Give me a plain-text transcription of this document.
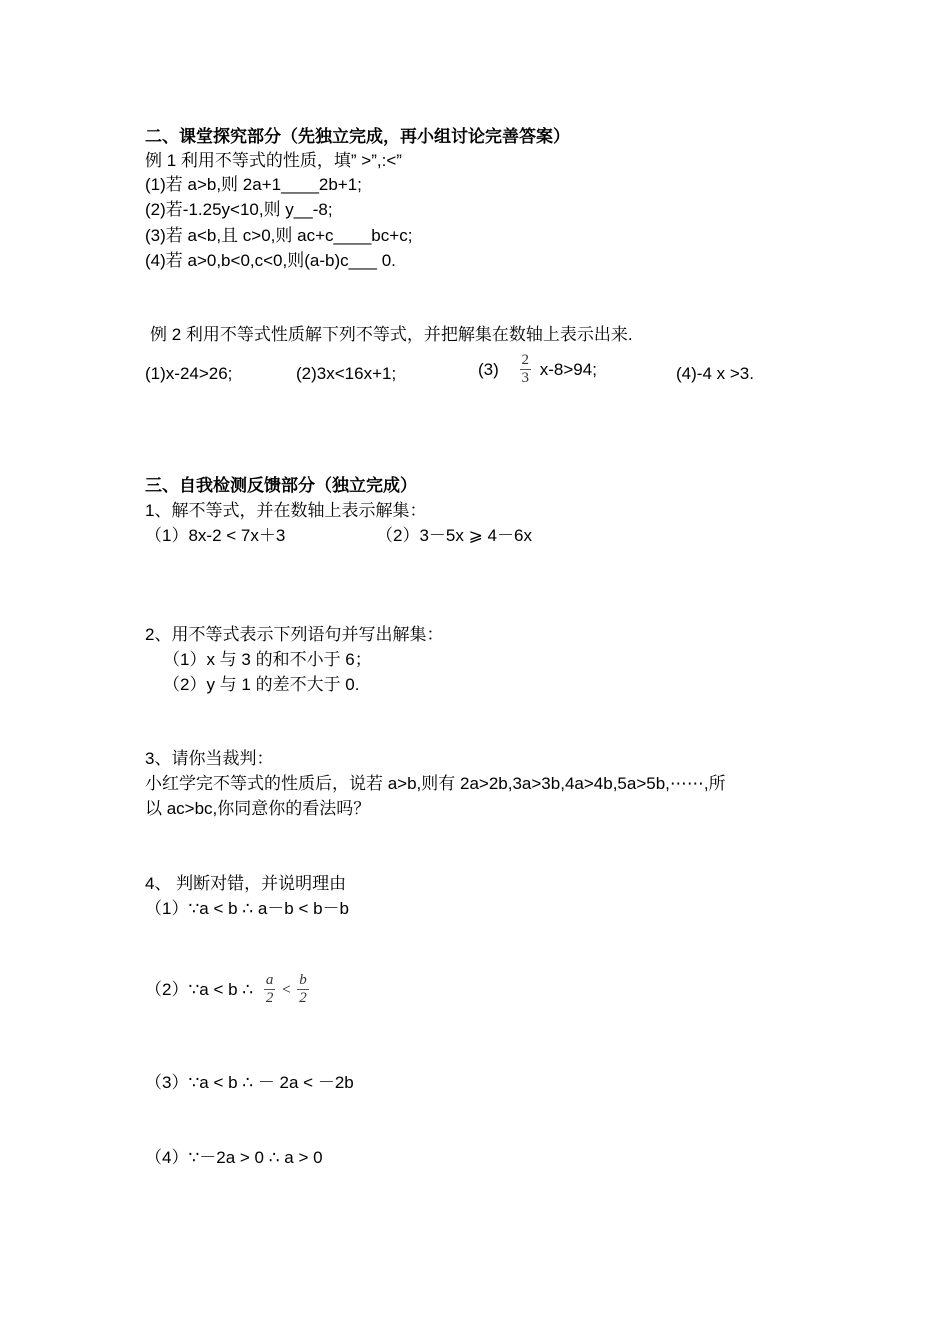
二、课堂探究部分（先独立完成，再小组讨论完善答案）
例 1 利用不等式的性质，填” >”,:<”
(1)若 a>b,则 2a+1____2b+1;
(2)若-1.25y<10,则 y__-8;
(3)若 a<b,且 c>0,则 ac+c____bc+c;
(4)若 a>0,b<0,c<0,则(a-b)c___ 0.
例 2 利用不等式性质解下列不等式，并把解集在数轴上表示出来.
(1)x-24>26;	(2)3x<16x+1;	$(3) \frac{2}{3} x-8>94$;	(4)-4 x >3.
三、自我检测反馈部分（独立完成）
1、解不等式，并在数轴上表示解集：
（1）8x-2 < 7x＋3	（2）3－5x ⩾ 4－6x
2、用不等式表示下列语句并写出解集：
（1）x 与 3 的和不小于 6；
（2）y 与 1 的差不大于 0.
3、请你当裁判：
小红学完不等式的性质后，说若 a>b,则有 2a>2b,3a>3b,4a>4b,5a>5b,⋯⋯,所
以 ac>bc,你同意你的看法吗？
4、 判断对错，并说明理由
（1）∵a < b ∴ a－b < b－b
（2）∵a < b ∴ $\frac{a}{2} < \frac{b}{2}$
（3）∵a < b ∴ － 2a < －2b
（4）∵－2a > 0 ∴ a > 0
